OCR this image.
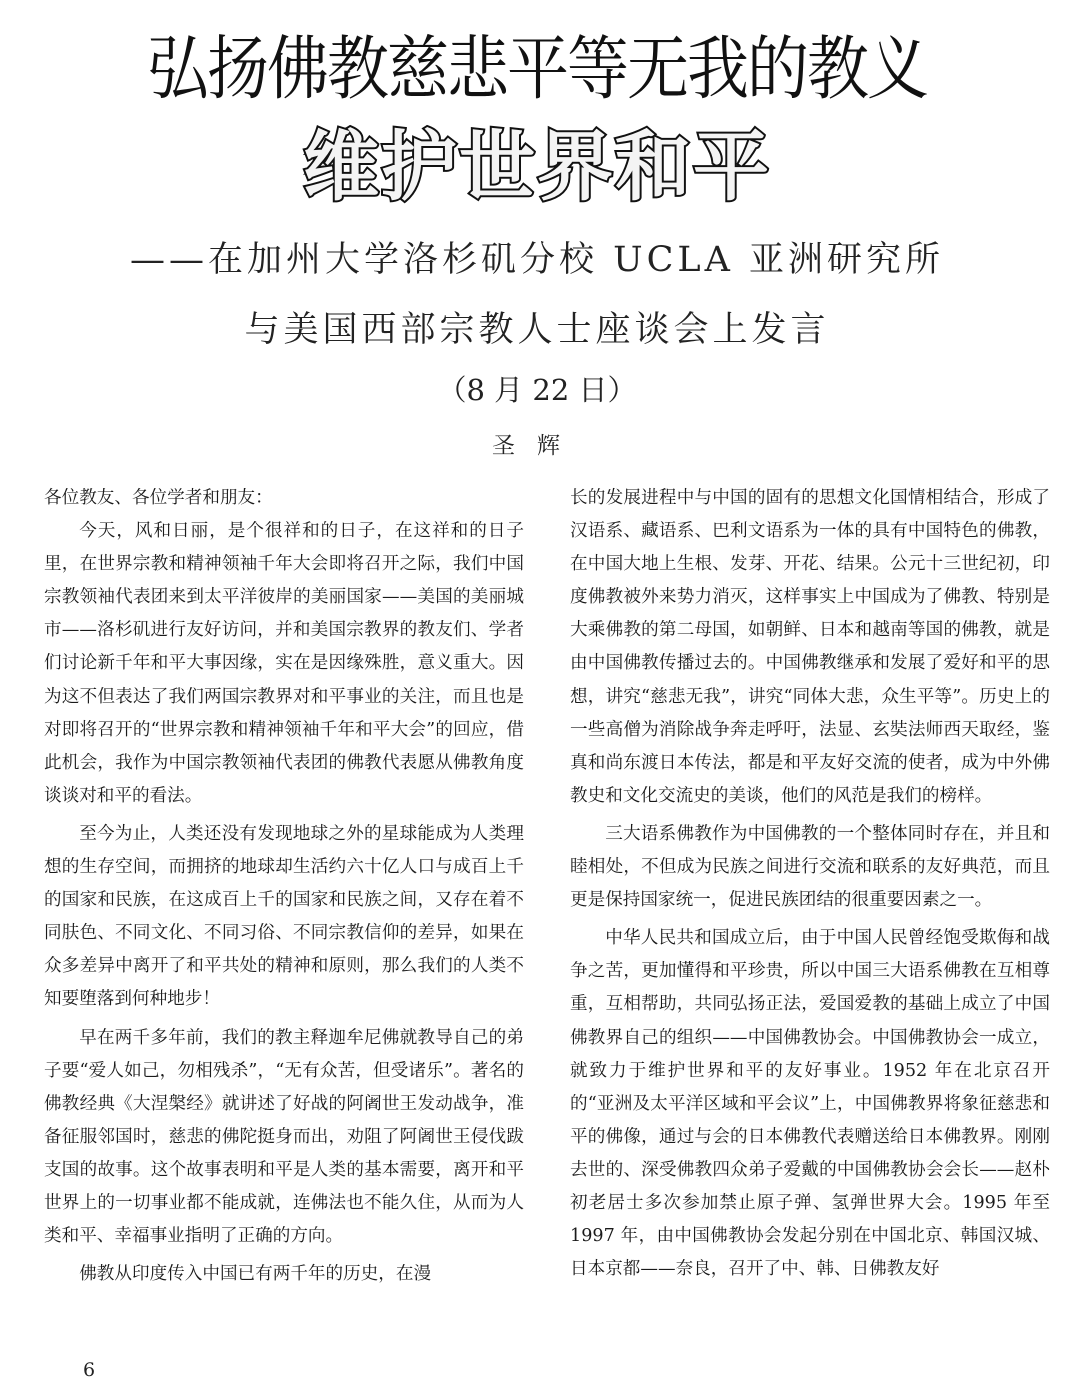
弘扬佛教慈悲平等无我的教义
维护世界和平
——在加州大学洛杉矶分校 UCLA 亚洲研究所
与美国西部宗教人士座谈会上发言
（8 月 22 日）
圣辉

各位教友、各位学者和朋友：

今天，风和日丽，是个很祥和的日子，在这祥和的日子里，在世界宗教和精神领袖千年大会即将召开之际，我们中国宗教领袖代表团来到太平洋彼岸的美丽国家——美国的美丽城市——洛杉矶进行友好访问，并和美国宗教界的教友们、学者们讨论新千年和平大事因缘，实在是因缘殊胜，意义重大。因为这不但表达了我们两国宗教界对和平事业的关注，而且也是对即将召开的“世界宗教和精神领袖千年和平大会”的回应，借此机会，我作为中国宗教领袖代表团的佛教代表愿从佛教角度谈谈对和平的看法。

至今为止，人类还没有发现地球之外的星球能成为人类理想的生存空间，而拥挤的地球却生活约六十亿人口与成百上千的国家和民族，在这成百上千的国家和民族之间，又存在着不同肤色、不同文化、不同习俗、不同宗教信仰的差异，如果在众多差异中离开了和平共处的精神和原则，那么我们的人类不知要堕落到何种地步！

早在两千多年前，我们的教主释迦牟尼佛就教导自己的弟子要“爱人如己，勿相残杀”，“无有众苦，但受诸乐”。著名的佛教经典《大涅槃经》就讲述了好战的阿阇世王发动战争，准备征服邻国时，慈悲的佛陀挺身而出，劝阻了阿阇世王侵伐跋支国的故事。这个故事表明和平是人类的基本需要，离开和平世界上的一切事业都不能成就，连佛法也不能久住，从而为人类和平、幸福事业指明了正确的方向。

佛教从印度传入中国已有两千年的历史，在漫

长的发展进程中与中国的固有的思想文化国情相结合，形成了汉语系、藏语系、巴利文语系为一体的具有中国特色的佛教，在中国大地上生根、发芽、开花、结果。公元十三世纪初，印度佛教被外来势力消灭，这样事实上中国成为了佛教、特别是大乘佛教的第二母国，如朝鲜、日本和越南等国的佛教，就是由中国佛教传播过去的。中国佛教继承和发展了爱好和平的思想，讲究“慈悲无我”，讲究“同体大悲，众生平等”。历史上的一些高僧为消除战争奔走呼吁，法显、玄奘法师西天取经，鉴真和尚东渡日本传法，都是和平友好交流的使者，成为中外佛教史和文化交流史的美谈，他们的风范是我们的榜样。

三大语系佛教作为中国佛教的一个整体同时存在，并且和睦相处，不但成为民族之间进行交流和联系的友好典范，而且更是保持国家统一，促进民族团结的很重要因素之一。

中华人民共和国成立后，由于中国人民曾经饱受欺侮和战争之苦，更加懂得和平珍贵，所以中国三大语系佛教在互相尊重，互相帮助，共同弘扬正法，爱国爱教的基础上成立了中国佛教界自己的组织——中国佛教协会。中国佛教协会一成立，就致力于维护世界和平的友好事业。1952 年在北京召开的“亚洲及太平洋区域和平会议”上，中国佛教界将象征慈悲和平的佛像，通过与会的日本佛教代表赠送给日本佛教界。刚刚去世的、深受佛教四众弟子爱戴的中国佛教协会会长——赵朴初老居士多次参加禁止原子弹、氢弹世界大会。1995 年至 1997 年，由中国佛教协会发起分别在中国北京、韩国汉城、日本京都——奈良，召开了中、韩、日佛教友好

6
